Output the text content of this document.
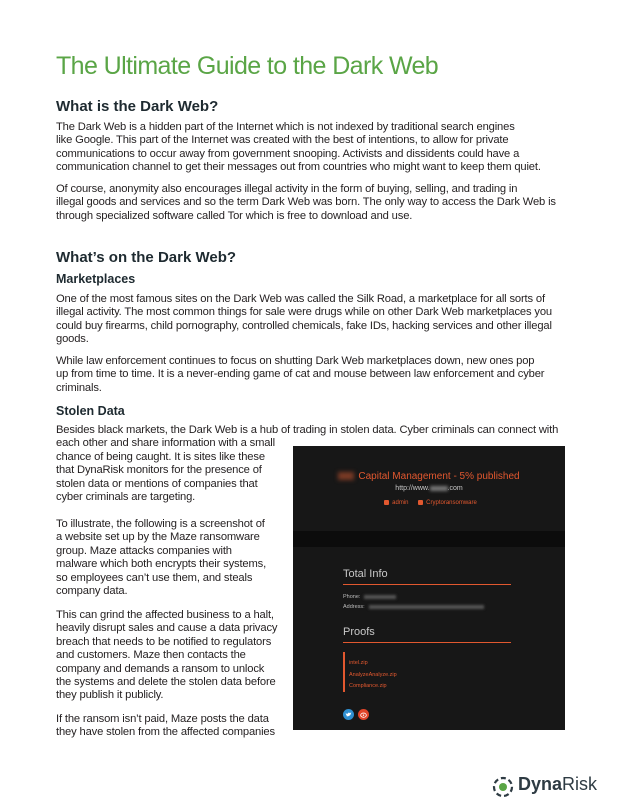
The Ultimate Guide to the Dark Web
What is the Dark Web?
The Dark Web is a hidden part of the Internet which is not indexed by traditional search engines
like Google. This part of the Internet was created with the best of intentions, to allow for private
communications to occur away from government snooping. Activists and dissidents could have a
communication channel to get their messages out from countries who might want to keep them quiet.
Of course, anonymity also encourages illegal activity in the form of buying, selling, and trading in
illegal goods and services and so the term Dark Web was born. The only way to access the Dark Web is
through specialized software called Tor which is free to download and use.
What’s on the Dark Web?
Marketplaces
One of the most famous sites on the Dark Web was called the Silk Road, a marketplace for all sorts of
illegal activity. The most common things for sale were drugs while on other Dark Web marketplaces you
could buy firearms, child pornography, controlled chemicals, fake IDs, hacking services and other illegal
goods.
While law enforcement continues to focus on shutting Dark Web marketplaces down, new ones pop
up from time to time. It is a never-ending game of cat and mouse between law enforcement and cyber
criminals.
Stolen Data
Besides black markets, the Dark Web is a hub of trading in stolen data. Cyber criminals can connect with
each other and share information with a small
chance of being caught. It is sites like these
that DynaRisk monitors for the presence of
stolen data or mentions of companies that
cyber criminals are targeting.
To illustrate, the following is a screenshot of
a website set up by the Maze ransomware
group. Maze attacks companies with
malware which both encrypts their systems,
so employees can’t use them, and steals
company data.
This can grind the affected business to a halt,
heavily disrupt sales and cause a data privacy
breach that needs to be notified to regulators
and customers. Maze then contacts the
company and demands a ransom to unlock
the systems and delete the stolen data before
they publish it publicly.
If the ransom isn’t paid, Maze posts the data
they have stolen from the affected companies
Capital Management - 5% published
http://www.	.com
admin	Cryptoransomware
Total Info
Phone:
Address:
Proofs
intel.zip
AnalyzeAnalyze.zip
Compliance.zip
DynaRisk
